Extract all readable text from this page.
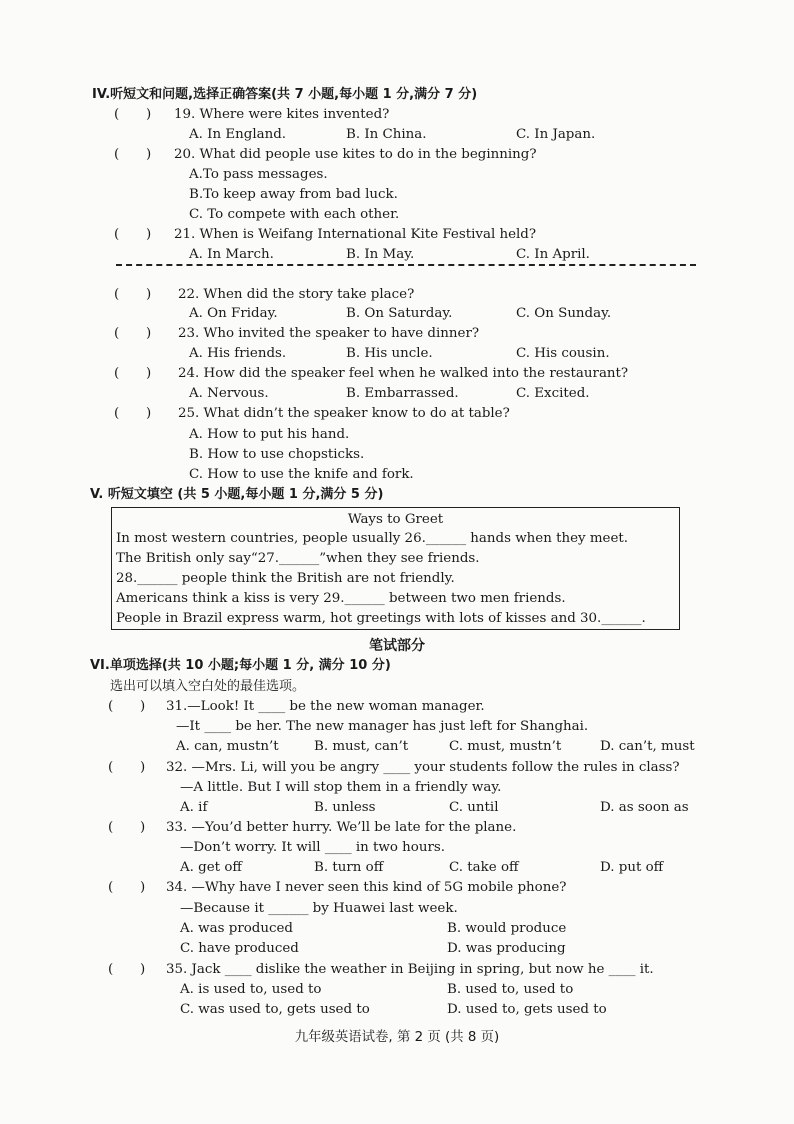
IV.听短文和问题,选择正确答案(共 7 小题,每小题 1 分,满分 7 分)
(　　) 19. Where were kites invented?
A. In England.	B. In China.	C. In Japan.
(　　) 20. What did people use kites to do in the beginning?
A.To pass messages.
B.To keep away from bad luck.
C. To compete with each other.
(　　) 21. When is Weifang International Kite Festival held?
A. In March.	B. In May.	C. In April.
(　　) 22. When did the story take place?
A. On Friday.	B. On Saturday.	C. On Sunday.
(　　) 23. Who invited the speaker to have dinner?
A. His friends.	B. His uncle.	C. His cousin.
(　　) 24. How did the speaker feel when he walked into the restaurant?
A. Nervous.	B. Embarrassed.	C. Excited.
(　　) 25. What didn’t the speaker know to do at table?
A. How to put his hand.
B. How to use chopsticks.
C. How to use the knife and fork.
V. 听短文填空 (共 5 小题,每小题 1 分,满分 5 分)
Ways to Greet
In most western countries, people usually 26.______ hands when they meet.
The British only say“27.______”when they see friends.
28.______ people think the British are not friendly.
Americans think a kiss is very 29.______ between two men friends.
People in Brazil express warm, hot greetings with lots of kisses and 30.______.
笔试部分
VI.单项选择(共 10 小题;每小题 1 分, 满分 10 分)
选出可以填入空白处的最佳选项。
(　　) 31.—Look! It ____ be the new woman manager.
—It ____ be her. The new manager has just left for Shanghai.
A. can, mustn’t	B. must, can’t	C. must, mustn’t	D. can’t, must
(　　) 32. —Mrs. Li, will you be angry ____ your students follow the rules in class?
—A little. But I will stop them in a friendly way.
A. if	B. unless	C. until	D. as soon as
(　　) 33. —You’d better hurry. We’ll be late for the plane.
—Don’t worry. It will ____ in two hours.
A. get off	B. turn off	C. take off	D. put off
(　　) 34. —Why have I never seen this kind of 5G mobile phone?
—Because it ______ by Huawei last week.
A. was produced	B. would produce
C. have produced	D. was producing
(　　) 35. Jack ____ dislike the weather in Beijing in spring, but now he ____ it.
A. is used to, used to	B. used to, used to
C. was used to, gets used to	D. used to, gets used to
九年级英语试卷, 第 2 页 (共 8 页)
